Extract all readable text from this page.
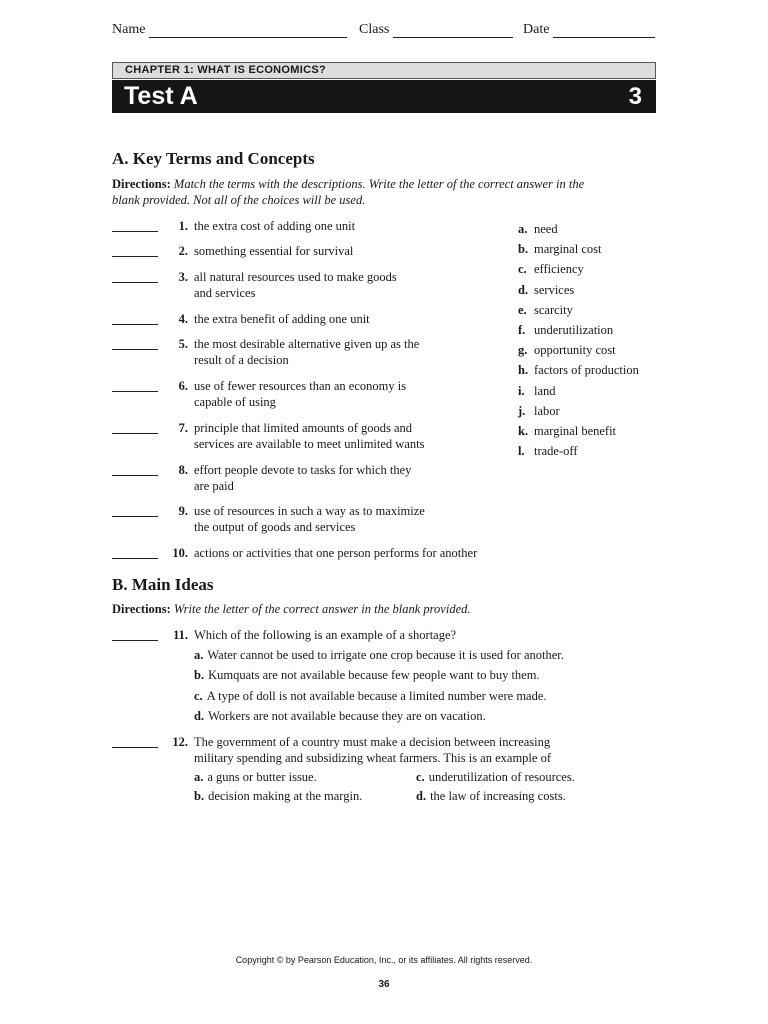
Name	Class	Date
CHAPTER 1: WHAT IS ECONOMICS?
Test A	3
A. Key Terms and Concepts
Directions: Match the terms with the descriptions. Write the letter of the correct answer in the
blank provided. Not all of the choices will be used.
1. the extra cost of adding one unit
2. something essential for survival
3. all natural resources used to make goods
and services
4. the extra benefit of adding one unit
5. the most desirable alternative given up as the
result of a decision
6. use of fewer resources than an economy is
capable of using
7. principle that limited amounts of goods and
services are available to meet unlimited wants
8. effort people devote to tasks for which they
are paid
9. use of resources in such a way as to maximize
the output of goods and services
10. actions or activities that one person performs for another
a. need
b. marginal cost
c. efficiency
d. services
e. scarcity
f. underutilization
g. opportunity cost
h. factors of production
i. land
j. labor
k. marginal benefit
l. trade-off
B. Main Ideas
Directions: Write the letter of the correct answer in the blank provided.
11. Which of the following is an example of a shortage?
a. Water cannot be used to irrigate one crop because it is used for another.
b. Kumquats are not available because few people want to buy them.
c. A type of doll is not available because a limited number were made.
d. Workers are not available because they are on vacation.
12. The government of a country must make a decision between increasing
military spending and subsidizing wheat farmers. This is an example of
a. a guns or butter issue.
b. decision making at the margin.
c. underutilization of resources.
d. the law of increasing costs.
Copyright © by Pearson Education, Inc., or its affiliates. All rights reserved.
36
